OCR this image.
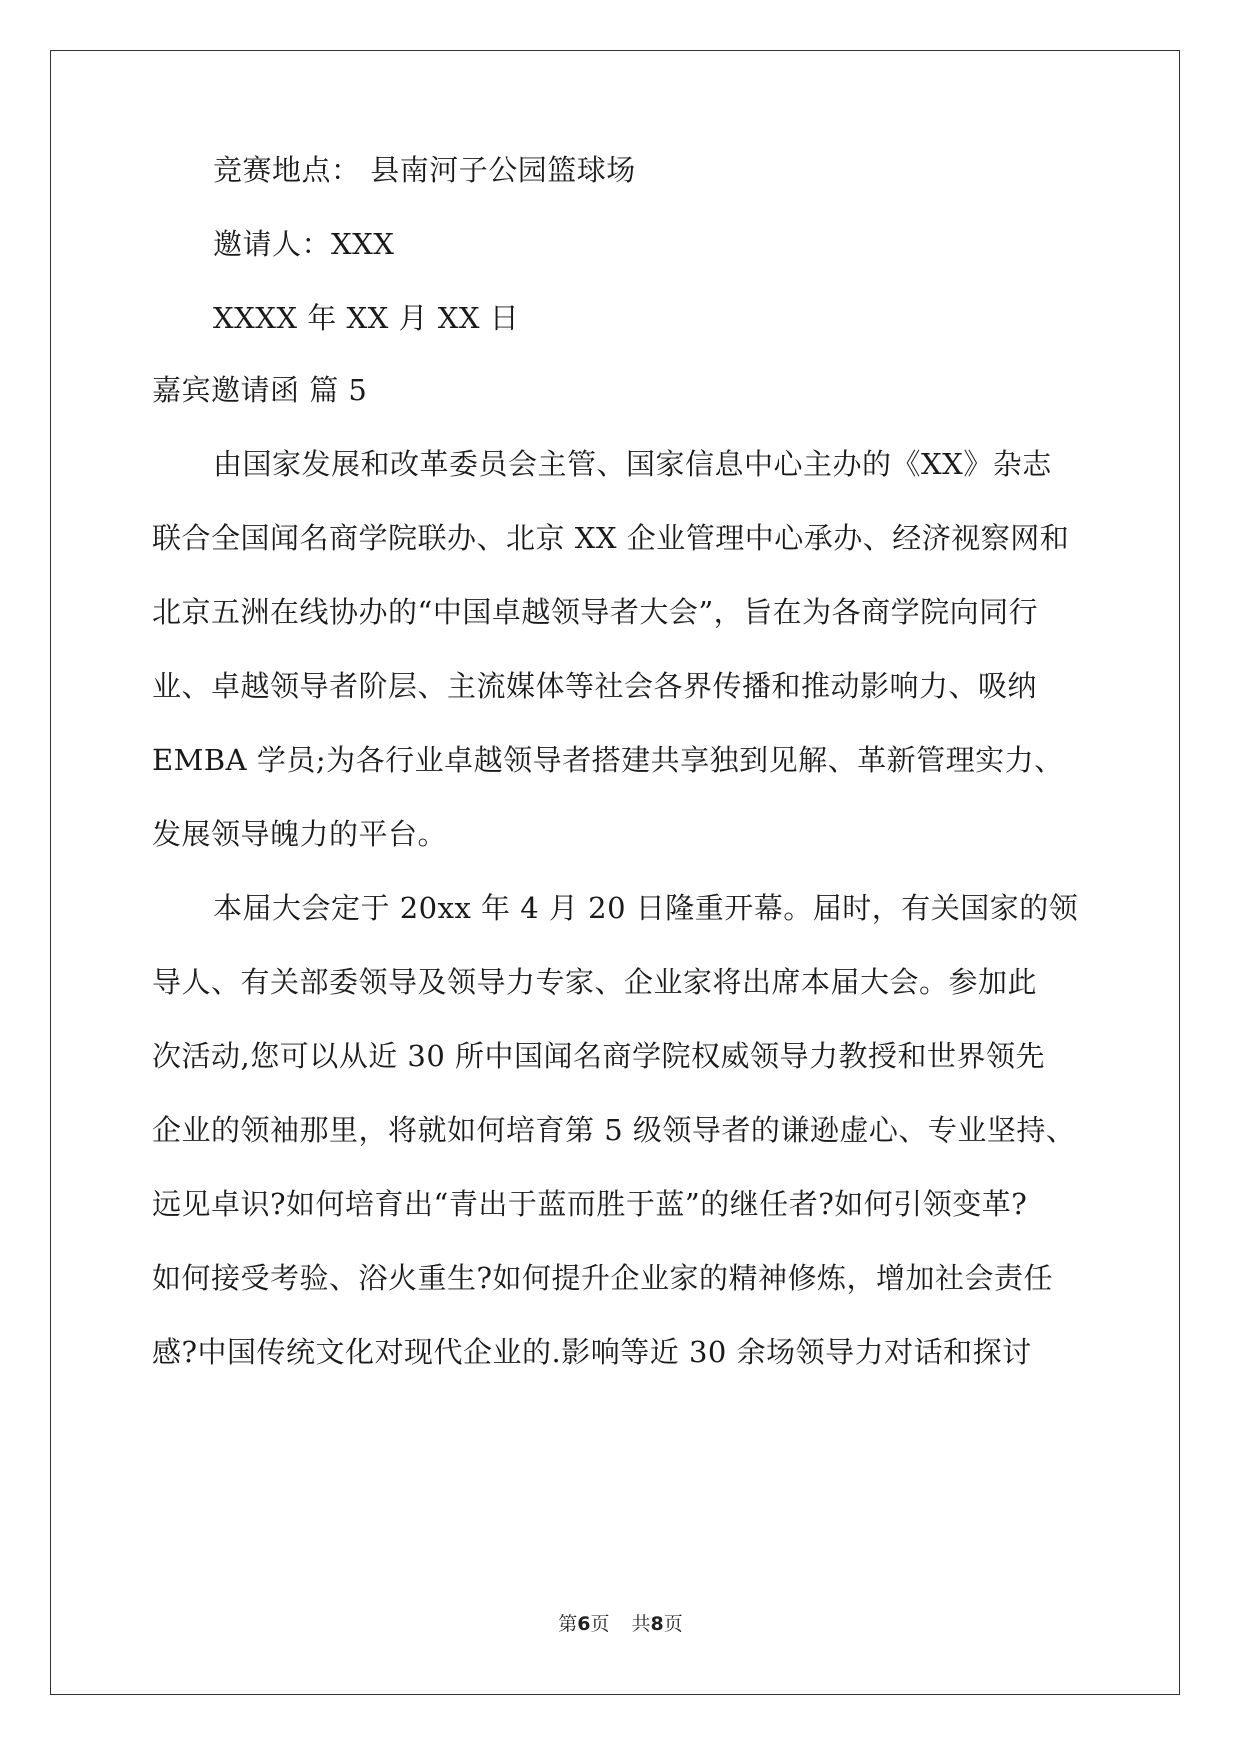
竞赛地点： 县南河子公园篮球场
邀请人：XXX
XXXX 年 XX 月 XX 日
嘉宾邀请函 篇 5
由国家发展和改革委员会主管、国家信息中心主办的《XX》杂志
联合全国闻名商学院联办、北京 XX 企业管理中心承办、经济视察网和
北京五洲在线协办的“中国卓越领导者大会”，旨在为各商学院向同行
业、卓越领导者阶层、主流媒体等社会各界传播和推动影响力、吸纳
EMBA 学员;为各行业卓越领导者搭建共享独到见解、革新管理实力、
发展领导魄力的平台。
本届大会定于 20xx 年 4 月 20 日隆重开幕。届时，有关国家的领
导人、有关部委领导及领导力专家、企业家将出席本届大会。参加此
次活动,您可以从近 30 所中国闻名商学院权威领导力教授和世界领先
企业的领袖那里，将就如何培育第 5 级领导者的谦逊虚心、专业坚持、
远见卓识?如何培育出“青出于蓝而胜于蓝”的继任者?如何引领变革?
如何接受考验、浴火重生?如何提升企业家的精神修炼，增加社会责任
感?中国传统文化对现代企业的.影响等近 30 余场领导力对话和探讨
第6页 共8页
